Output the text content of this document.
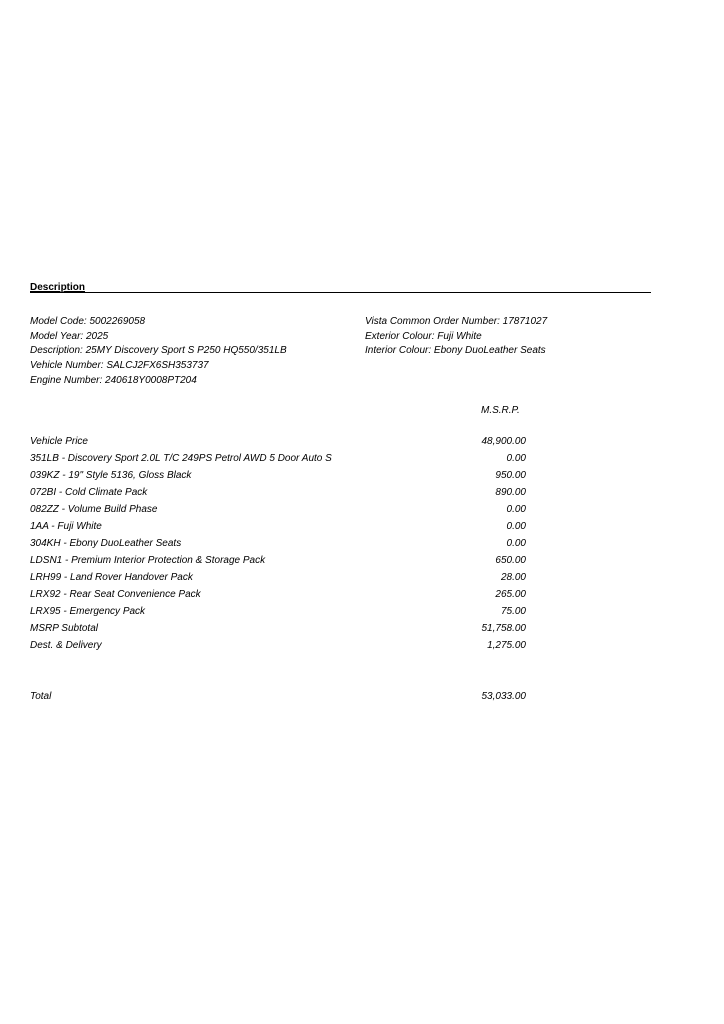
Description
Model Code: 5002269058
Model Year: 2025
Description: 25MY Discovery Sport S P250 HQ550/351LB
Vehicle Number: SALCJ2FX6SH353737
Engine Number: 240618Y0008PT204
Vista Common Order Number: 17871027
Exterior Colour: Fuji White
Interior Colour: Ebony DuoLeather Seats
M.S.R.P.
Vehicle Price	48,900.00
351LB - Discovery Sport 2.0L T/C 249PS Petrol AWD 5 Door Auto S	0.00
039KZ - 19" Style 5136, Gloss Black	950.00
072BI - Cold Climate Pack	890.00
082ZZ - Volume Build Phase	0.00
1AA - Fuji White	0.00
304KH - Ebony DuoLeather Seats	0.00
LDSN1 - Premium Interior Protection & Storage Pack	650.00
LRH99 - Land Rover Handover Pack	28.00
LRX92 - Rear Seat Convenience Pack	265.00
LRX95 - Emergency Pack	75.00
MSRP Subtotal	51,758.00
Dest. & Delivery	1,275.00
Total	53,033.00
